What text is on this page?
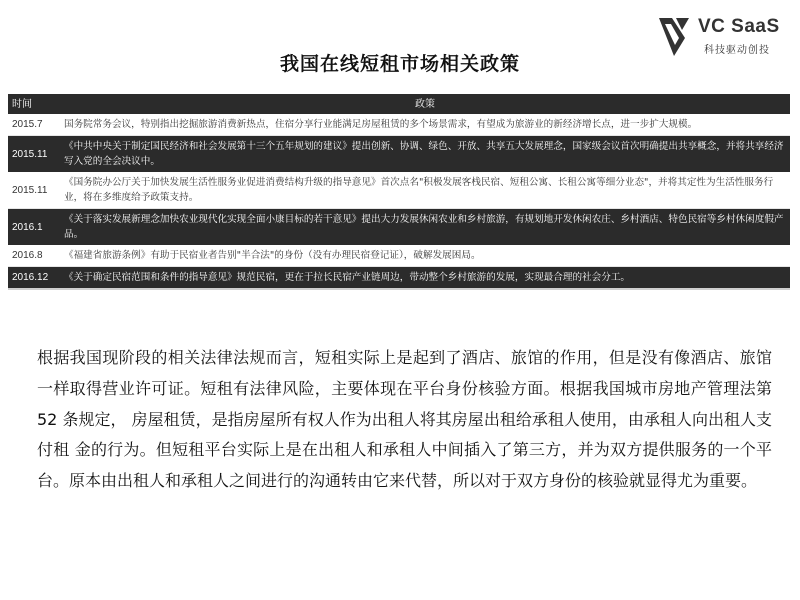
VC SaaS
科技驱动创投
我国在线短租市场相关政策
时间	政策
2015.7	国务院常务会议，特别指出挖掘旅游消费新热点，住宿分享行业能满足房屋租赁的多个场景需求，有望成为旅游业的新经济增长点，进一步扩大规模。
2015.11	《中共中央关于制定国民经济和社会发展第十三个五年规划的建议》提出创新、协调、绿色、开放、共享五大发展理念，国家级会议首次明确提出共享概念，并将共享经济写入党的全会决议中。
2015.11	《国务院办公厅关于加快发展生活性服务业促进消费结构升级的指导意见》首次点名"积极发展客栈民宿、短租公寓、长租公寓等细分业态"，并将其定性为生活性服务行业，将在多维度给予政策支持。
2016.1	《关于落实发展新理念加快农业现代化实现全面小康目标的若干意见》提出大力发展休闲农业和乡村旅游，有规划地开发休闲农庄、乡村酒店、特色民宿等乡村休闲度假产品。
2016.8	《福建省旅游条例》有助于民宿业者告别"半合法"的身份（没有办理民宿登记证），破解发展困局。
2016.12	《关于确定民宿范围和条件的指导意见》规范民宿，更在于拉长民宿产业链周边，带动整个乡村旅游的发展，实现最合理的社会分工。

根据我国现阶段的相关法律法规而言，短租实际上是起到了酒店、旅馆的作用，但是没有像酒店、旅馆一样取得营业许可证。短租有法律风险，主要体现在平台身份核验方面。根据我国城市房地产管理法第 52 条规定， 房屋租赁，是指房屋所有权人作为出租人将其房屋出租给承租人使用，由承租人向出租人支付租 金的行为。但短租平台实际上是在出租人和承租人中间插入了第三方，并为双方提供服务的一个平台。原本由出租人和承租人之间进行的沟通转由它来代替，所以对于双方身份的核验就显得尤为重要。
